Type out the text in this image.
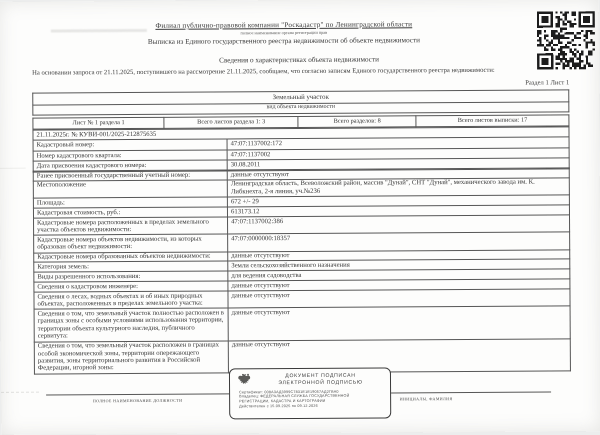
Филиал публично-правовой компании "Роскадастр" по Ленинградской области
полное наименование органа регистрации прав
Выписка из Единого государственного реестра недвижимости об объекте недвижимости
Сведения о характеристиках объекта недвижимости
На основании запроса от 21.11.2025, поступившего на рассмотрение 21.11.2025, сообщаем, что согласно записям Единого государственного реестра недвижимости:
Раздел 1 Лист 1
Земельный участок
вид объекта недвижимости
Лист № 1 раздела 1	Всего листов раздела 1: 3	Всего разделов: 8	Всего листов выписки: 17
21.11.2025г. № КУВИ-001/2025-212875635	
Кадастровый номер:	47:07:1137002:172
Номер кадастрового квартала:	47:07:1137002
Дата присвоения кадастрового номера:	30.08.2011
Ранее присвоенный государственный учетный номер:	данные отсутствуют
Местоположение	Ленинградская область, Всеволожский район, массив "Дунай", СНТ "Дунай", механического завода им. К. Либкнехта, 2-я линия, уч.№236
Площадь:	672 +/- 29
Кадастровая стоимость, руб.:	613173.12
Кадастровые номера расположенных в пределах земельного участка объектов недвижимости:	47:07:1137002:386
Кадастровые номера объектов недвижимости, из которых образован объект недвижимости:	47:07:0000000:18357
Кадастровые номера образованных объектов недвижимости:	данные отсутствуют
Категория земель:	Земли сельскохозяйственного назначения
Виды разрешенного использования:	для ведения садоводства
Сведения о кадастровом инженере:	данные отсутствуют
Сведения о лесах, водных объектах и об иных природных объектах, расположенных в пределах земельного участка:	данные отсутствуют
Сведения о том, что земельный участок полностью расположен в границах зоны с особыми условиями использования территории, территории объекта культурного наследия, публичного сервитута:	данные отсутствуют
Сведения о том, что земельный участок расположен в границах особой экономической зоны, территории опережающего развития, зоны территориального развития в Российской Федерации, игорной зоны:	данные отсутствуют
полное наименование должности	инициалы, фамилия
ДОКУМЕНТ ПОДПИСАН
ЭЛЕКТРОННОЙ ПОДПИСЬЮ
Сертификат: 008А3АД3999С7831Е1Е19057АД2ГВА0
Владелец: ФЕДЕРАЛЬНАЯ СЛУЖБА ГОСУДАРСТВЕННОЙ
РЕГИСТРАЦИИ, КАДАСТРА И КАРТОГРАФИИ
Действителен с 15.09.2025 по 09.12.2026
